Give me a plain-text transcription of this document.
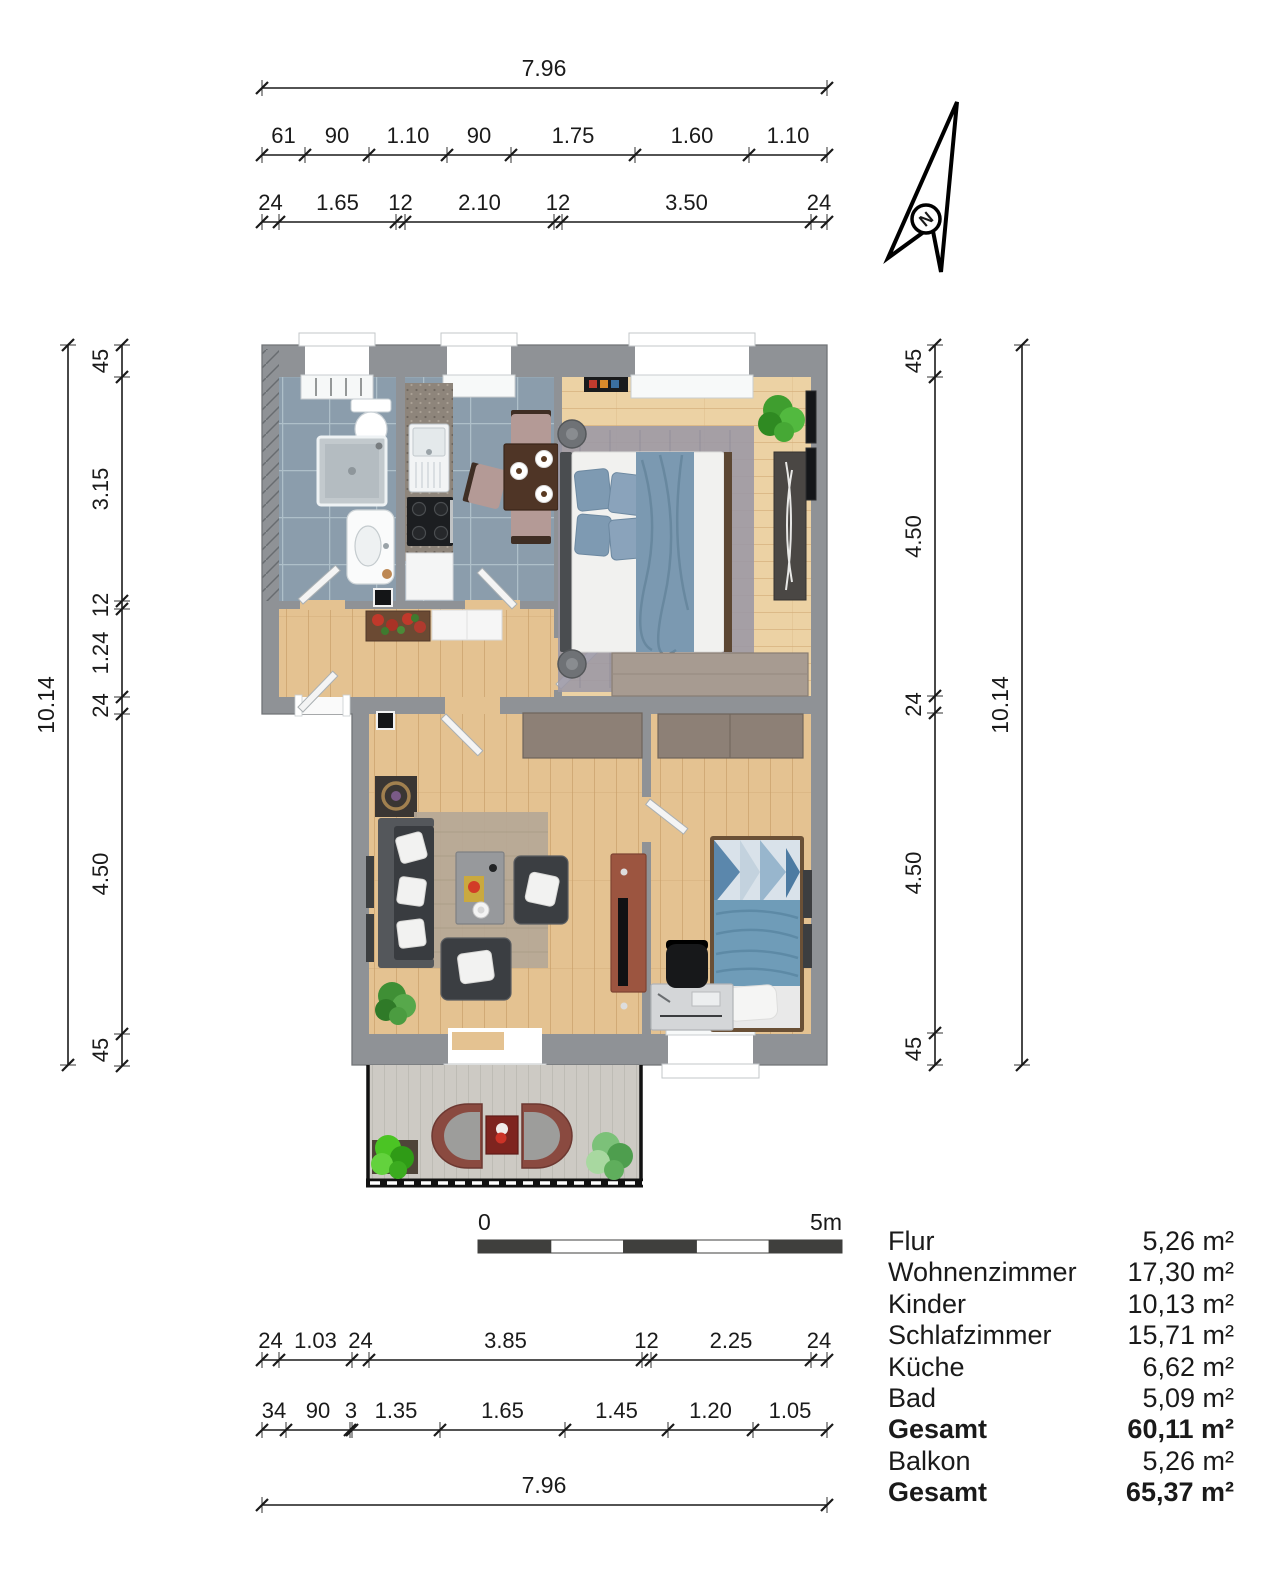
N
0	5m
7.96
61 90 1.10 90	1.75	1.60 1.10
24 1.65 12 2.10 12	3.50	24
10.14
45
3.15
12
1.24
24
4.50
45
45
4.50
24
4.50
45
10.14
24 1.03 24	3.85	12 2.25 24
34 90 3 1.35	1.65	1.45 1.20 1.05
7.96
Flur	5,26 m²
Wohnenzimmer 17,30 m²
Kinder	10,13 m²
Schlafzimmer	15,71 m²
Küche	6,62 m²
Bad	5,09 m²
Gesamt	60,11 m²
Balkon	5,26 m²
Gesamt	65,37 m²
